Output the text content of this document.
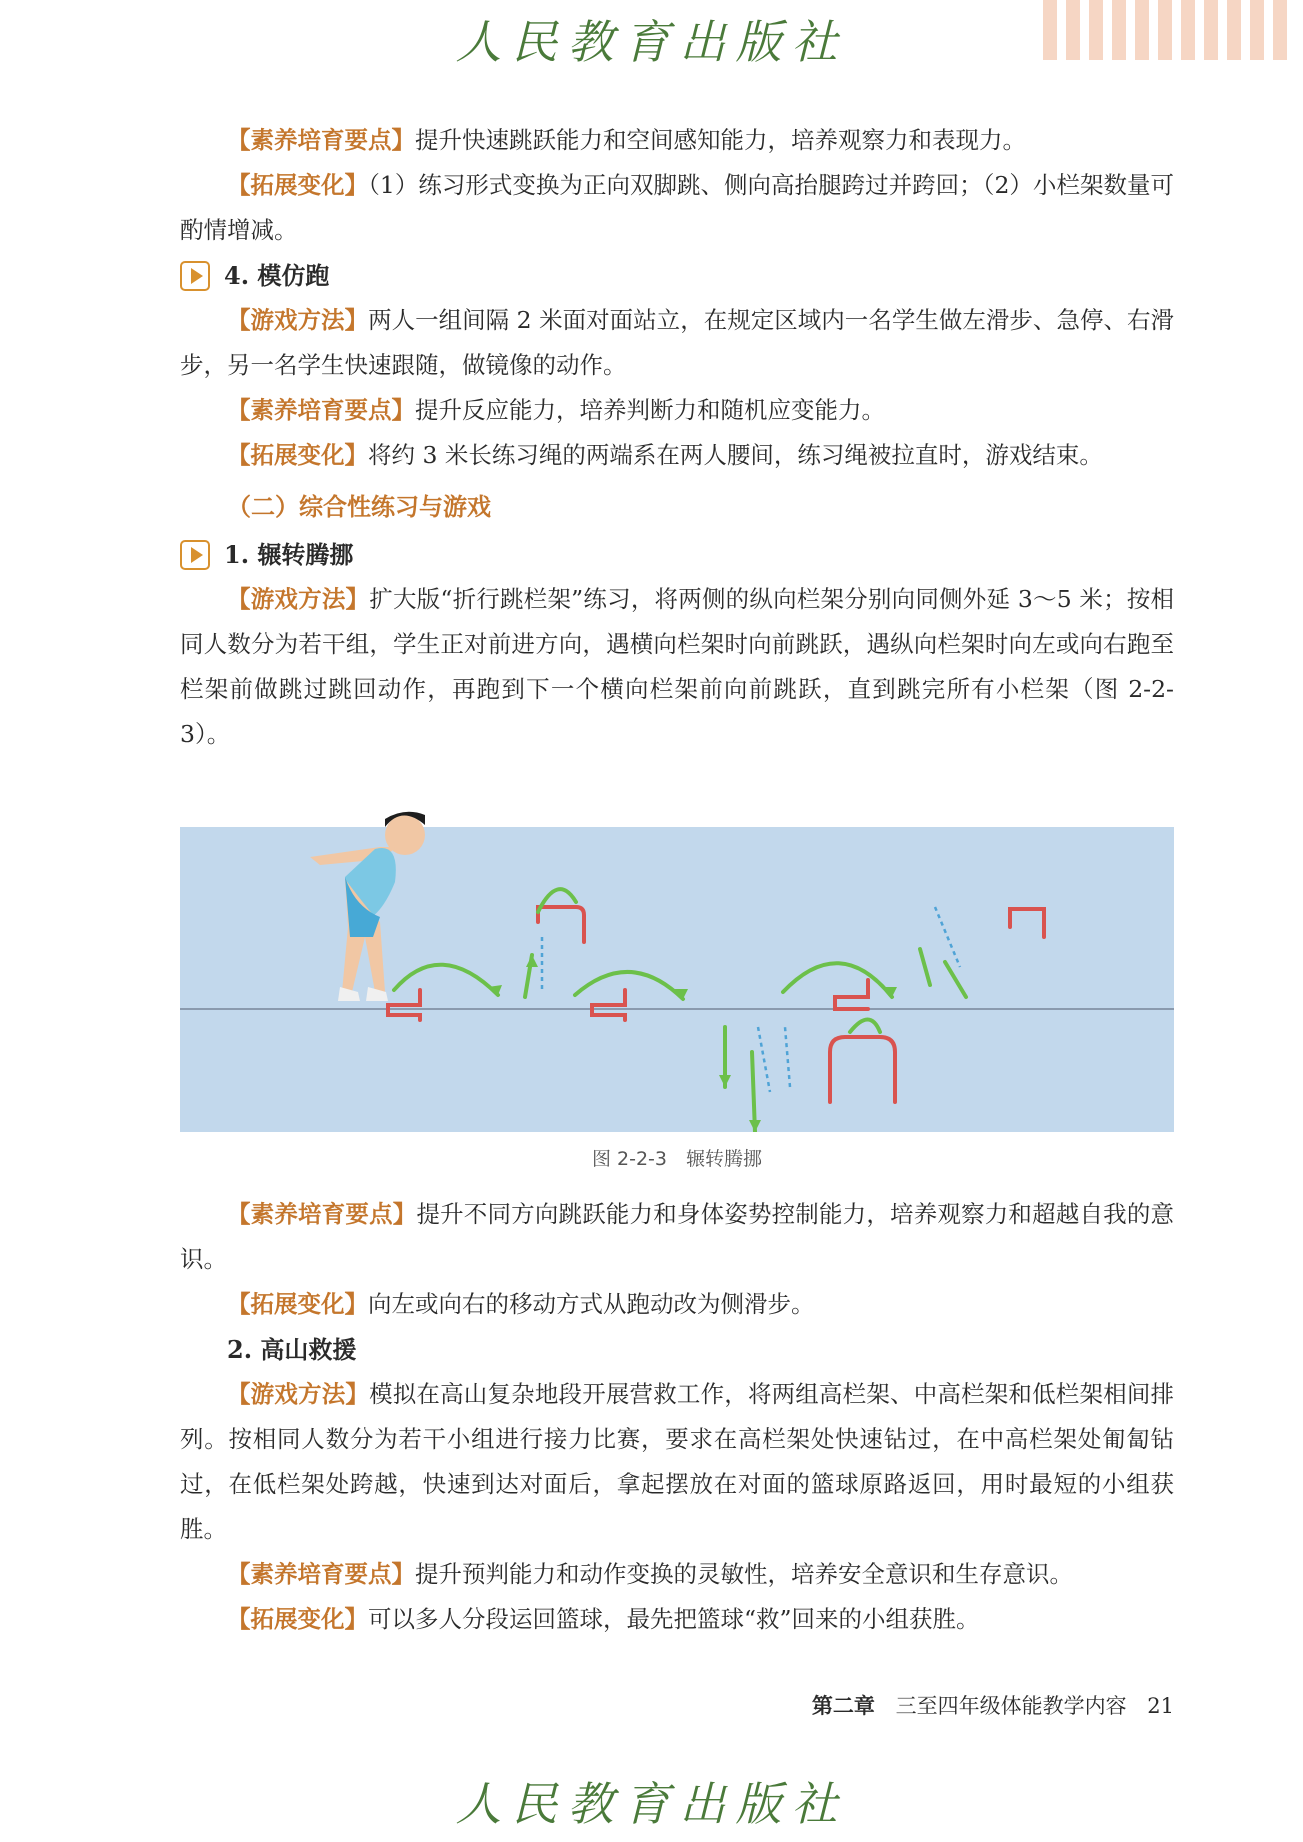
人民教育出版社

【素养培育要点】提升快速跳跃能力和空间感知能力，培养观察力和表现力。

【拓展变化】（1）练习形式变换为正向双脚跳、侧向高抬腿跨过并跨回；（2）小栏架数量可酌情增减。

4. 模仿跑

【游戏方法】两人一组间隔 2 米面对面站立，在规定区域内一名学生做左滑步、急停、右滑步，另一名学生快速跟随，做镜像的动作。

【素养培育要点】提升反应能力，培养判断力和随机应变能力。

【拓展变化】将约 3 米长练习绳的两端系在两人腰间，练习绳被拉直时，游戏结束。

（二）综合性练习与游戏

1. 辗转腾挪

【游戏方法】扩大版“折行跳栏架”练习，将两侧的纵向栏架分别向同侧外延 3～5 米；按相同人数分为若干组，学生正对前进方向，遇横向栏架时向前跳跃，遇纵向栏架时向左或向右跑至栏架前做跳过跳回动作，再跑到下一个横向栏架前向前跳跃，直到跳完所有小栏架（图 2-2-3）。

图 2-2-3　辗转腾挪

【素养培育要点】提升不同方向跳跃能力和身体姿势控制能力，培养观察力和超越自我的意识。

【拓展变化】向左或向右的移动方式从跑动改为侧滑步。

2. 高山救援

【游戏方法】模拟在高山复杂地段开展营救工作，将两组高栏架、中高栏架和低栏架相间排列。按相同人数分为若干小组进行接力比赛，要求在高栏架处快速钻过，在中高栏架处匍匐钻过，在低栏架处跨越，快速到达对面后，拿起摆放在对面的篮球原路返回，用时最短的小组获胜。

【素养培育要点】提升预判能力和动作变换的灵敏性，培养安全意识和生存意识。

【拓展变化】可以多人分段运回篮球，最先把篮球“救”回来的小组获胜。

第二章 三至四年级体能教学内容 21
人民教育出版社
